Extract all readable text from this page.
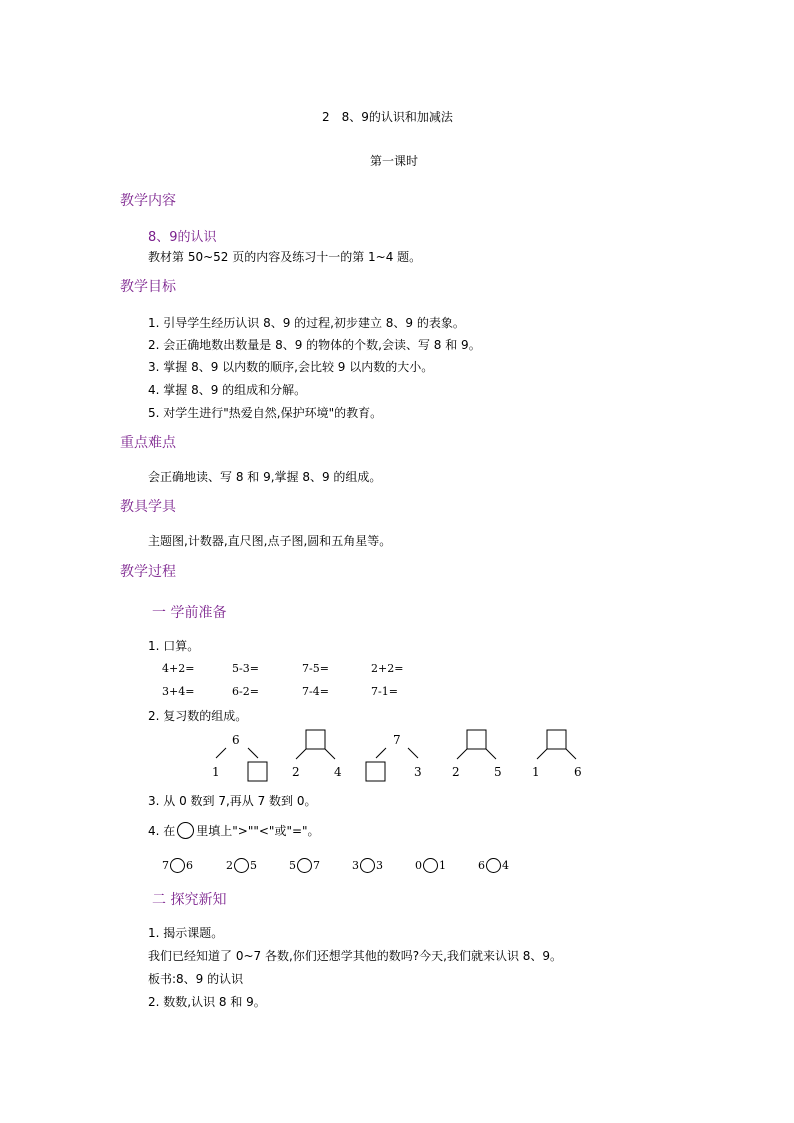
2　8、9的认识和加减法
第一课时
教学内容
8、9的认识
教材第 50~52 页的内容及练习十一的第 1~4 题。
教学目标
1. 引导学生经历认识 8、9 的过程,初步建立 8、9 的表象。
2. 会正确地数出数量是 8、9 的物体的个数,会读、写 8 和 9。
3. 掌握 8、9 以内数的顺序,会比较 9 以内数的大小。
4. 掌握 8、9 的组成和分解。
5. 对学生进行"热爱自然,保护环境"的教育。
重点难点
会正确地读、写 8 和 9,掌握 8、9 的组成。
教具学具
主题图,计数器,直尺图,点子图,圆和五角星等。
教学过程
一 学前准备
1. 口算。
4+2=	5-3=	7-5=	2+2=
3+4=	6-2=	7-4=	7-1=
2. 复习数的组成。
6
1	2	4
7
3	2	5	1	6
3. 从 0 数到 7,再从 7 数到 0。
4. 在 里填上">""<"或"="。
7 6	2 5	5 7	3 3	0 1	6 4
二 探究新知
1. 揭示课题。
我们已经知道了 0~7 各数,你们还想学其他的数吗?今天,我们就来认识 8、9。
板书:8、9 的认识
2. 数数,认识 8 和 9。
